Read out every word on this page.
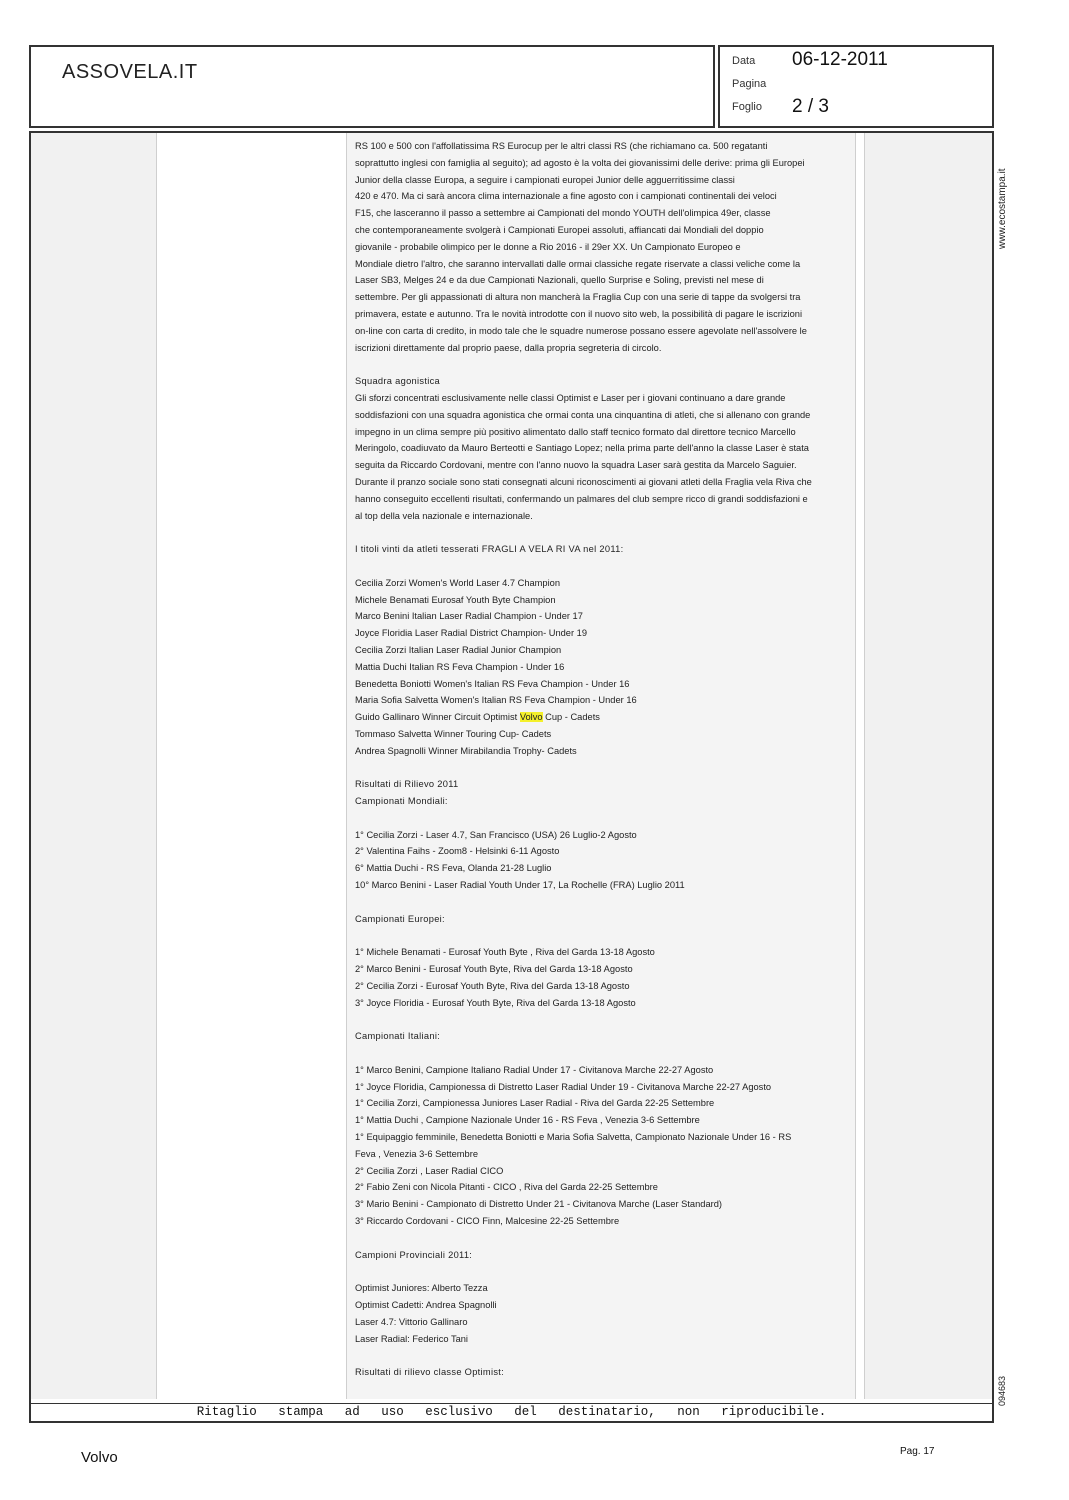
ASSOVELA.IT	Data 06-12-2011
Pagina
Foglio 2 / 3

RS 100 e 500 con l'affollatissima RS Eurocup per le altri classi RS (che richiamano ca. 500 regatanti

soprattutto inglesi con famiglia al seguito); ad agosto è la volta dei giovanissimi delle derive: prima gli Europei

Junior della classe Europa, a seguire i campionati europei Junior delle agguerritissime classi

420 e 470. Ma ci sarà ancora clima internazionale a fine agosto con i campionati continentali dei veloci

F15, che lasceranno il passo a settembre ai Campionati del mondo YOUTH dell'olimpica 49er, classe

che contemporaneamente svolgerà i Campionati Europei assoluti, affiancati dai Mondiali del doppio

giovanile - probabile olimpico per le donne a Rio 2016 - il 29er XX. Un Campionato Europeo e

Mondiale dietro l'altro, che saranno intervallati dalle ormai classiche regate riservate a classi veliche come la

Laser SB3, Melges 24 e da due Campionati Nazionali, quello Surprise e Soling, previsti nel mese di

settembre. Per gli appassionati di altura non mancherà la Fraglia Cup con una serie di tappe da svolgersi tra

primavera, estate e autunno. Tra le novità introdotte con il nuovo sito web, la possibilità di pagare le iscrizioni

on-line con carta di credito, in modo tale che le squadre numerose possano essere agevolate nell'assolvere le

iscrizioni direttamente dal proprio paese, dalla propria segreteria di circolo.

Squadra agonistica

Gli sforzi concentrati esclusivamente nelle classi Optimist e Laser per i giovani continuano a dare grande

soddisfazioni con una squadra agonistica che ormai conta una cinquantina di atleti, che si allenano con grande

impegno in un clima sempre più positivo alimentato dallo staff tecnico formato dal direttore tecnico Marcello

Meringolo, coadiuvato da Mauro Berteotti e Santiago Lopez; nella prima parte dell'anno la classe Laser è stata

seguita da Riccardo Cordovani, mentre con l'anno nuovo la squadra Laser sarà gestita da Marcelo Saguier.

Durante il pranzo sociale sono stati consegnati alcuni riconoscimenti ai giovani atleti della Fraglia vela Riva che

hanno conseguito eccellenti risultati, confermando un palmares del club sempre ricco di grandi soddisfazioni e

al top della vela nazionale e internazionale.

I titoli vinti da atleti tesserati FRAGLI A VELA RI VA nel 2011:

Cecilia Zorzi Women's World Laser 4.7 Champion

Michele Benamati Eurosaf Youth Byte Champion

Marco Benini Italian Laser Radial Champion - Under 17

Joyce Floridia Laser Radial District Champion- Under 19

Cecilia Zorzi Italian Laser Radial Junior Champion

Mattia Duchi Italian RS Feva Champion - Under 16

Benedetta Boniotti Women's Italian RS Feva Champion - Under 16

Maria Sofia Salvetta Women's Italian RS Feva Champion - Under 16

Guido Gallinaro Winner Circuit Optimist Volvo Cup - Cadets

Tommaso Salvetta Winner Touring Cup- Cadets

Andrea Spagnolli Winner Mirabilandia Trophy- Cadets

Risultati di Rilievo 2011

Campionati Mondiali:

1° Cecilia Zorzi - Laser 4.7, San Francisco (USA) 26 Luglio-2 Agosto

2° Valentina Faihs - Zoom8 - Helsinki 6-11 Agosto

6° Mattia Duchi - RS Feva, Olanda 21-28 Luglio

10° Marco Benini - Laser Radial Youth Under 17, La Rochelle (FRA) Luglio 2011

Campionati Europei:

1° Michele Benamati - Eurosaf Youth Byte , Riva del Garda 13-18 Agosto

2° Marco Benini - Eurosaf Youth Byte, Riva del Garda 13-18 Agosto

2° Cecilia Zorzi - Eurosaf Youth Byte, Riva del Garda 13-18 Agosto

3° Joyce Floridia - Eurosaf Youth Byte, Riva del Garda 13-18 Agosto

Campionati Italiani:

1° Marco Benini, Campione Italiano Radial Under 17 - Civitanova Marche 22-27 Agosto

1° Joyce Floridia, Campionessa di Distretto Laser Radial Under 19 - Civitanova Marche 22-27 Agosto

1° Cecilia Zorzi, Campionessa Juniores Laser Radial - Riva del Garda 22-25 Settembre

1° Mattia Duchi , Campione Nazionale Under 16 - RS Feva , Venezia 3-6 Settembre

1° Equipaggio femminile, Benedetta Boniotti e Maria Sofia Salvetta, Campionato Nazionale Under 16 - RS

Feva , Venezia 3-6 Settembre

2° Cecilia Zorzi , Laser Radial CICO

2° Fabio Zeni con Nicola Pitanti - CICO , Riva del Garda 22-25 Settembre

3° Mario Benini - Campionato di Distretto Under 21 - Civitanova Marche (Laser Standard)

3° Riccardo Cordovani - CICO Finn, Malcesine 22-25 Settembre

Campioni Provinciali 2011:

Optimist Juniores: Alberto Tezza

Optimist Cadetti: Andrea Spagnolli

Laser 4.7: Vittorio Gallinaro

Laser Radial: Federico Tani

Risultati di rilievo classe Optimist:

www.ecostampa.it
094683
Ritaglio stampa ad uso esclusivo del destinatario, non riproducibile.
Volvo	Pag. 17
